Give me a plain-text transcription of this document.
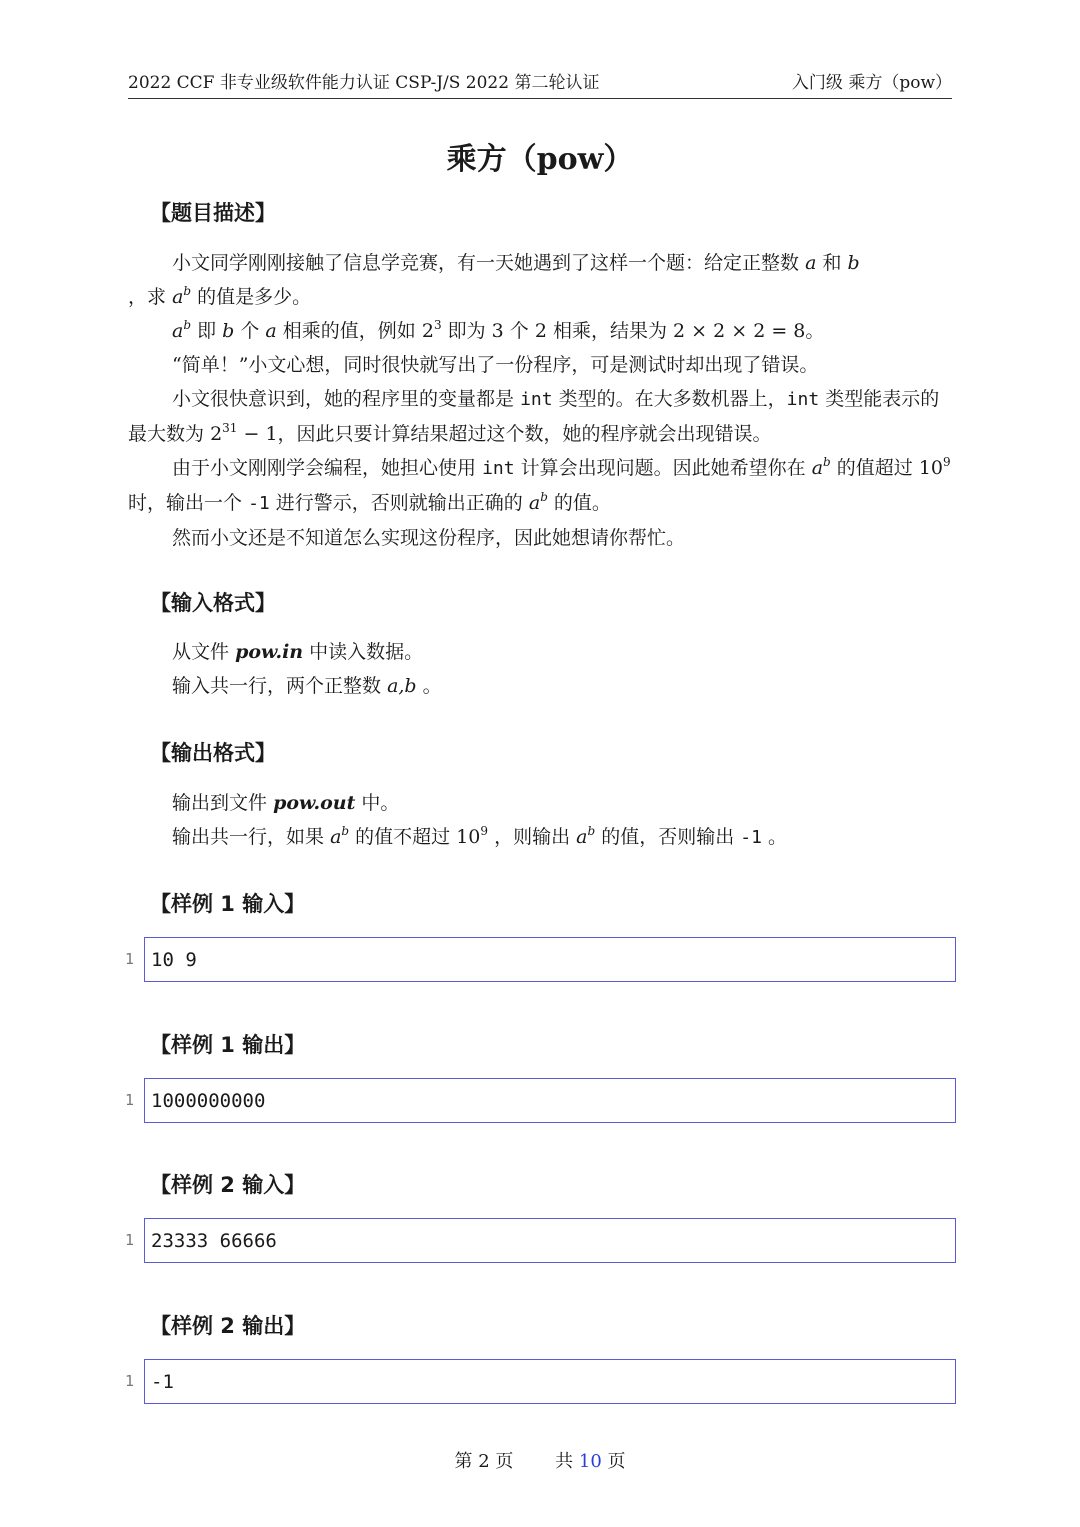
2022 CCF 非专业级软件能力认证 CSP-J/S 2022 第二轮认证	入门级 乘方（pow）
乘方（pow）
【题目描述】

小文同学刚刚接触了信息学竞赛，有一天她遇到了这样一个题：给定正整数 a 和 b

，求 $a^b$ 的值是多少。

$a^b$ 即 b 个 a 相乘的值，例如 $2^3$ 即为 3 个 2 相乘，结果为 2 × 2 × 2 = 8。

“简单！”小文心想，同时很快就写出了一份程序，可是测试时却出现了错误。

小文很快意识到，她的程序里的变量都是 int 类型的。在大多数机器上，int 类型能表示的最大数为 $2^{31} - 1$，因此只要计算结果超过这个数，她的程序就会出现错误。

由于小文刚刚学会编程，她担心使用 int 计算会出现问题。因此她希望你在 $a^b$ 的值超过 $10^9$ 时，输出一个 -1 进行警示，否则就输出正确的 $a^b$ 的值。

然而小文还是不知道怎么实现这份程序，因此她想请你帮忙。

【输入格式】

从文件 pow.in 中读入数据。

输入共一行，两个正整数 a,b 。

【输出格式】

输出到文件 pow.out 中。

输出共一行，如果 $a^b$ 的值不超过 $10^9$ ，则输出 $a^b$ 的值，否则输出 -1 。

【样例 1 输入】
1 10 9
【样例 1 输出】
1 1000000000
【样例 2 输入】
1 23333 66666
【样例 2 输出】
1 -1
第 2 页 共 10 页
